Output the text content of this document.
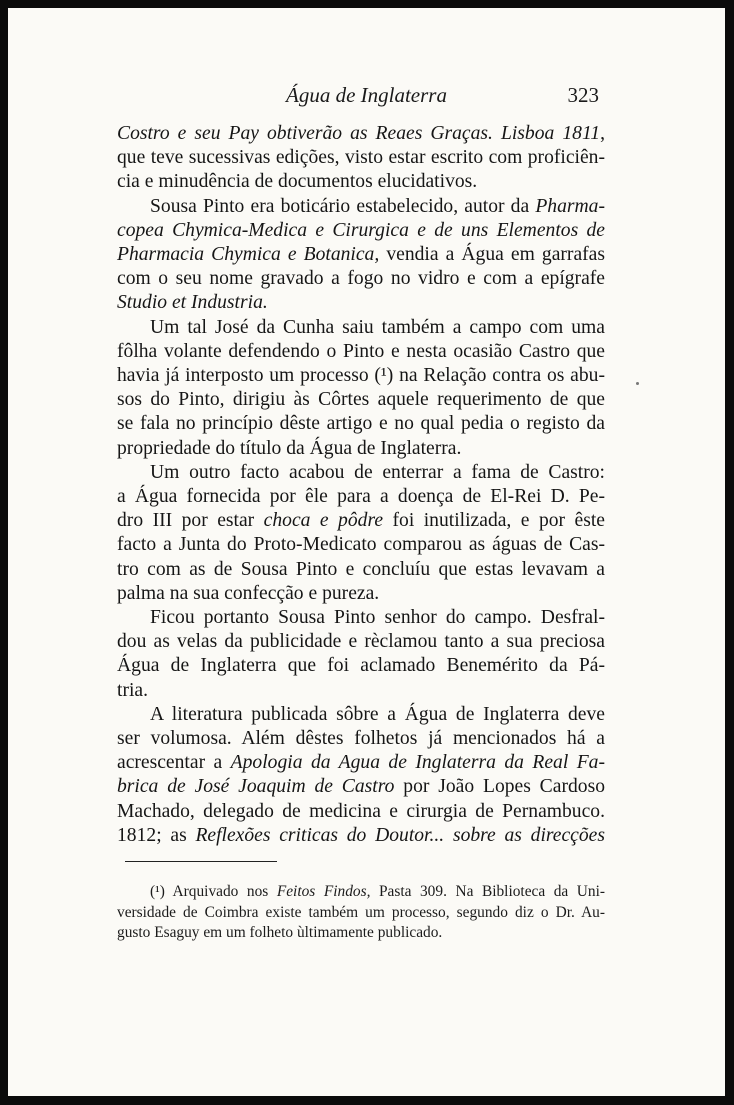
Água de Inglaterra	323
Costro e seu Pay obtiverão as Reaes Graças. Lisboa 1811,
que teve sucessivas edições, visto estar escrito com proficiên-
cia e minudência de documentos elucidativos.
Sousa Pinto era boticário estabelecido, autor da Pharma-
copea Chymica-Medica e Cirurgica e de uns Elementos de
Pharmacia Chymica e Botanica, vendia a Água em garrafas
com o seu nome gravado a fogo no vidro e com a epígrafe
Studio et Industria.
Um tal José da Cunha saiu também a campo com uma
fôlha volante defendendo o Pinto e nesta ocasião Castro que
havia já interposto um processo (¹) na Relação contra os abu-
sos do Pinto, dirigiu às Côrtes aquele requerimento de que
se fala no princípio dêste artigo e no qual pedia o registo da
propriedade do título da Água de Inglaterra.
Um outro facto acabou de enterrar a fama de Castro:
a Água fornecida por êle para a doença de El-Rei D. Pe-
dro III por estar choca e pôdre foi inutilizada, e por êste
facto a Junta do Proto-Medicato comparou as águas de Cas-
tro com as de Sousa Pinto e concluíu que estas levavam a
palma na sua confecção e pureza.
Ficou portanto Sousa Pinto senhor do campo. Desfral-
dou as velas da publicidade e rèclamou tanto a sua preciosa
Água de Inglaterra que foi aclamado Benemérito da Pá-
tria.
A literatura publicada sôbre a Água de Inglaterra deve
ser volumosa. Além dêstes folhetos já mencionados há a
acrescentar a Apologia da Agua de Inglaterra da Real Fa-
brica de José Joaquim de Castro por João Lopes Cardoso
Machado, delegado de medicina e cirurgia de Pernambuco.
1812; as Reflexões criticas do Doutor... sobre as direcções
(¹) Arquivado nos Feitos Findos, Pasta 309. Na Biblioteca da Uni-
versidade de Coimbra existe também um processo, segundo diz o Dr. Au-
gusto Esaguy em um folheto ùltimamente publicado.
